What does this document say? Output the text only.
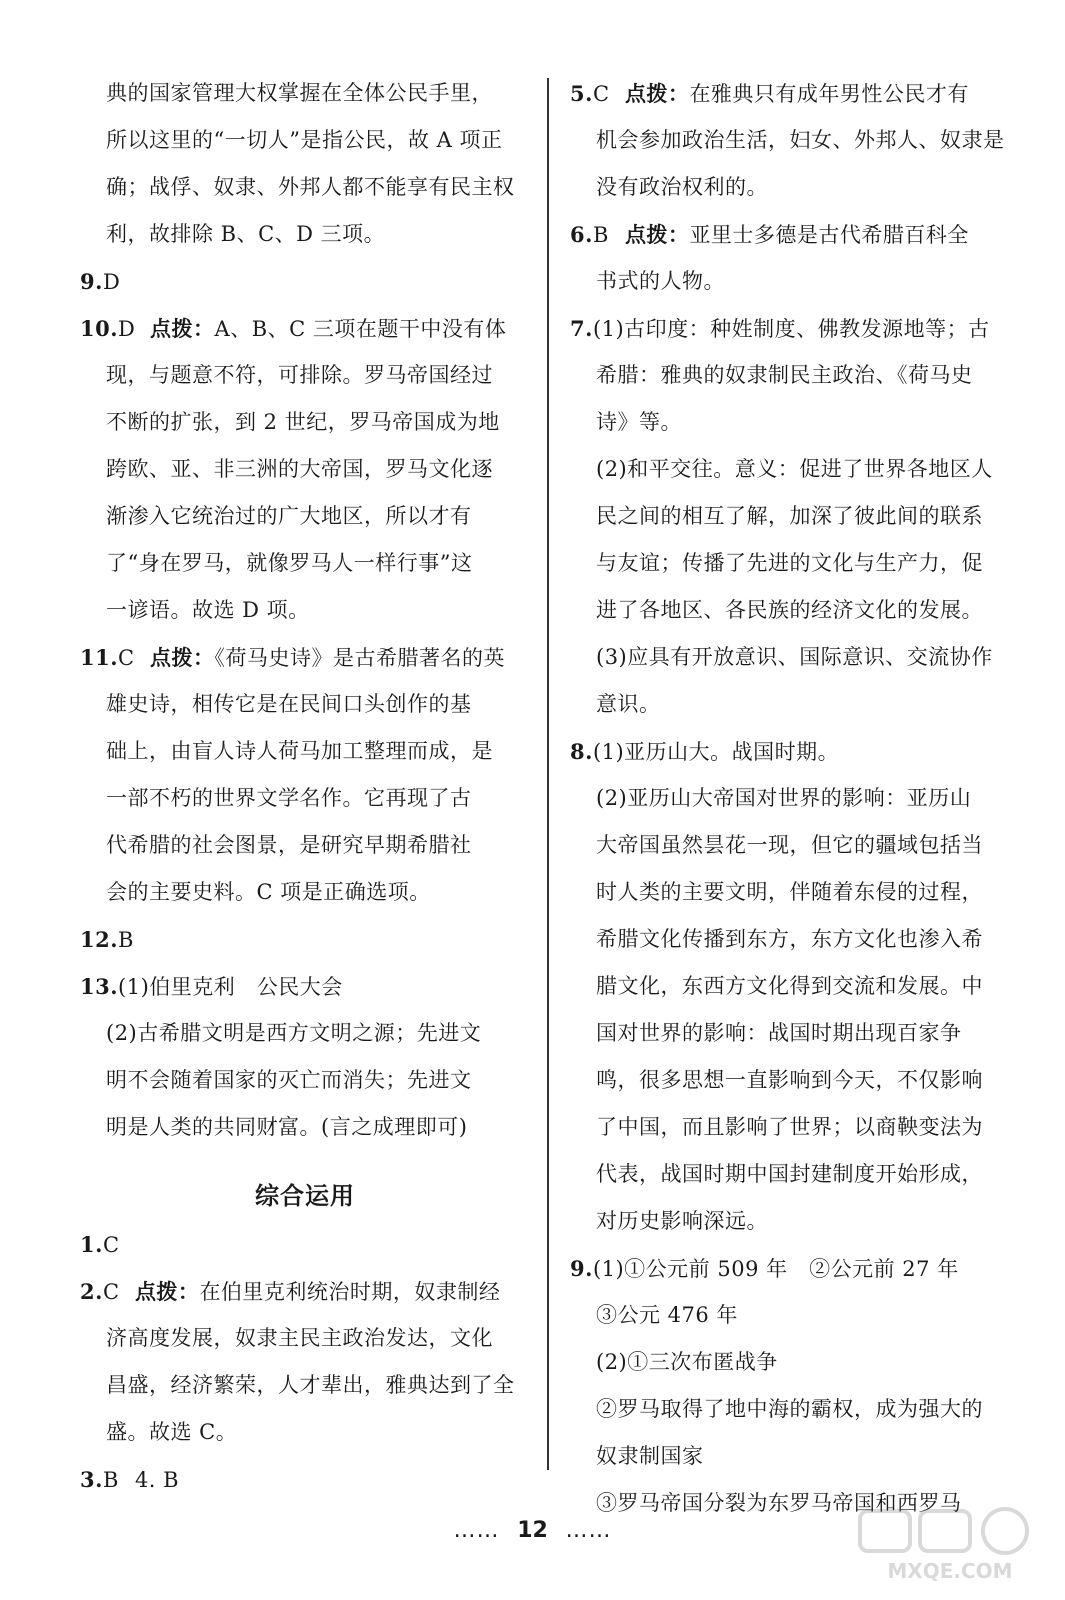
典的国家管理大权掌握在全体公民手里，
所以这里的“一切人”是指公民，故 A 项正
确；战俘、奴隶、外邦人都不能享有民主权
利，故排除 B、C、D 三项。
9.D
10.D 点拨：A、B、C 三项在题干中没有体
现，与题意不符，可排除。罗马帝国经过
不断的扩张，到 2 世纪，罗马帝国成为地
跨欧、亚、非三洲的大帝国，罗马文化逐
渐渗入它统治过的广大地区，所以才有
了“身在罗马，就像罗马人一样行事”这
一谚语。故选 D 项。
11.C 点拨：《荷马史诗》是古希腊著名的英
雄史诗，相传它是在民间口头创作的基
础上，由盲人诗人荷马加工整理而成，是
一部不朽的世界文学名作。它再现了古
代希腊的社会图景，是研究早期希腊社
会的主要史料。C 项是正确选项。
12.B
13.(1)伯里克利　公民大会
(2)古希腊文明是西方文明之源；先进文
明不会随着国家的灭亡而消失；先进文
明是人类的共同财富。(言之成理即可)
综合运用
1.C
2.C 点拨：在伯里克利统治时期，奴隶制经
济高度发展，奴隶主民主政治发达，文化
昌盛，经济繁荣，人才辈出，雅典达到了全
盛。故选 C。
3.B 4. B
5.C 点拨：在雅典只有成年男性公民才有
机会参加政治生活，妇女、外邦人、奴隶是
没有政治权利的。
6.B 点拨：亚里士多德是古代希腊百科全
书式的人物。
7.(1)古印度：种姓制度、佛教发源地等；古
希腊：雅典的奴隶制民主政治、《荷马史
诗》等。
(2)和平交往。意义：促进了世界各地区人
民之间的相互了解，加深了彼此间的联系
与友谊；传播了先进的文化与生产力，促
进了各地区、各民族的经济文化的发展。
(3)应具有开放意识、国际意识、交流协作
意识。
8.(1)亚历山大。战国时期。
(2)亚历山大帝国对世界的影响：亚历山
大帝国虽然昙花一现，但它的疆域包括当
时人类的主要文明，伴随着东侵的过程，
希腊文化传播到东方，东方文化也渗入希
腊文化，东西方文化得到交流和发展。中
国对世界的影响：战国时期出现百家争
鸣，很多思想一直影响到今天，不仅影响
了中国，而且影响了世界；以商鞅变法为
代表，战国时期中国封建制度开始形成，
对历史影响深远。
9.(1)①公元前 509 年　②公元前 27 年
③公元 476 年
(2)①三次布匿战争
②罗马取得了地中海的霸权，成为强大的
奴隶制国家
③罗马帝国分裂为东罗马帝国和西罗马
…… 12 ……
MXQE.COM
